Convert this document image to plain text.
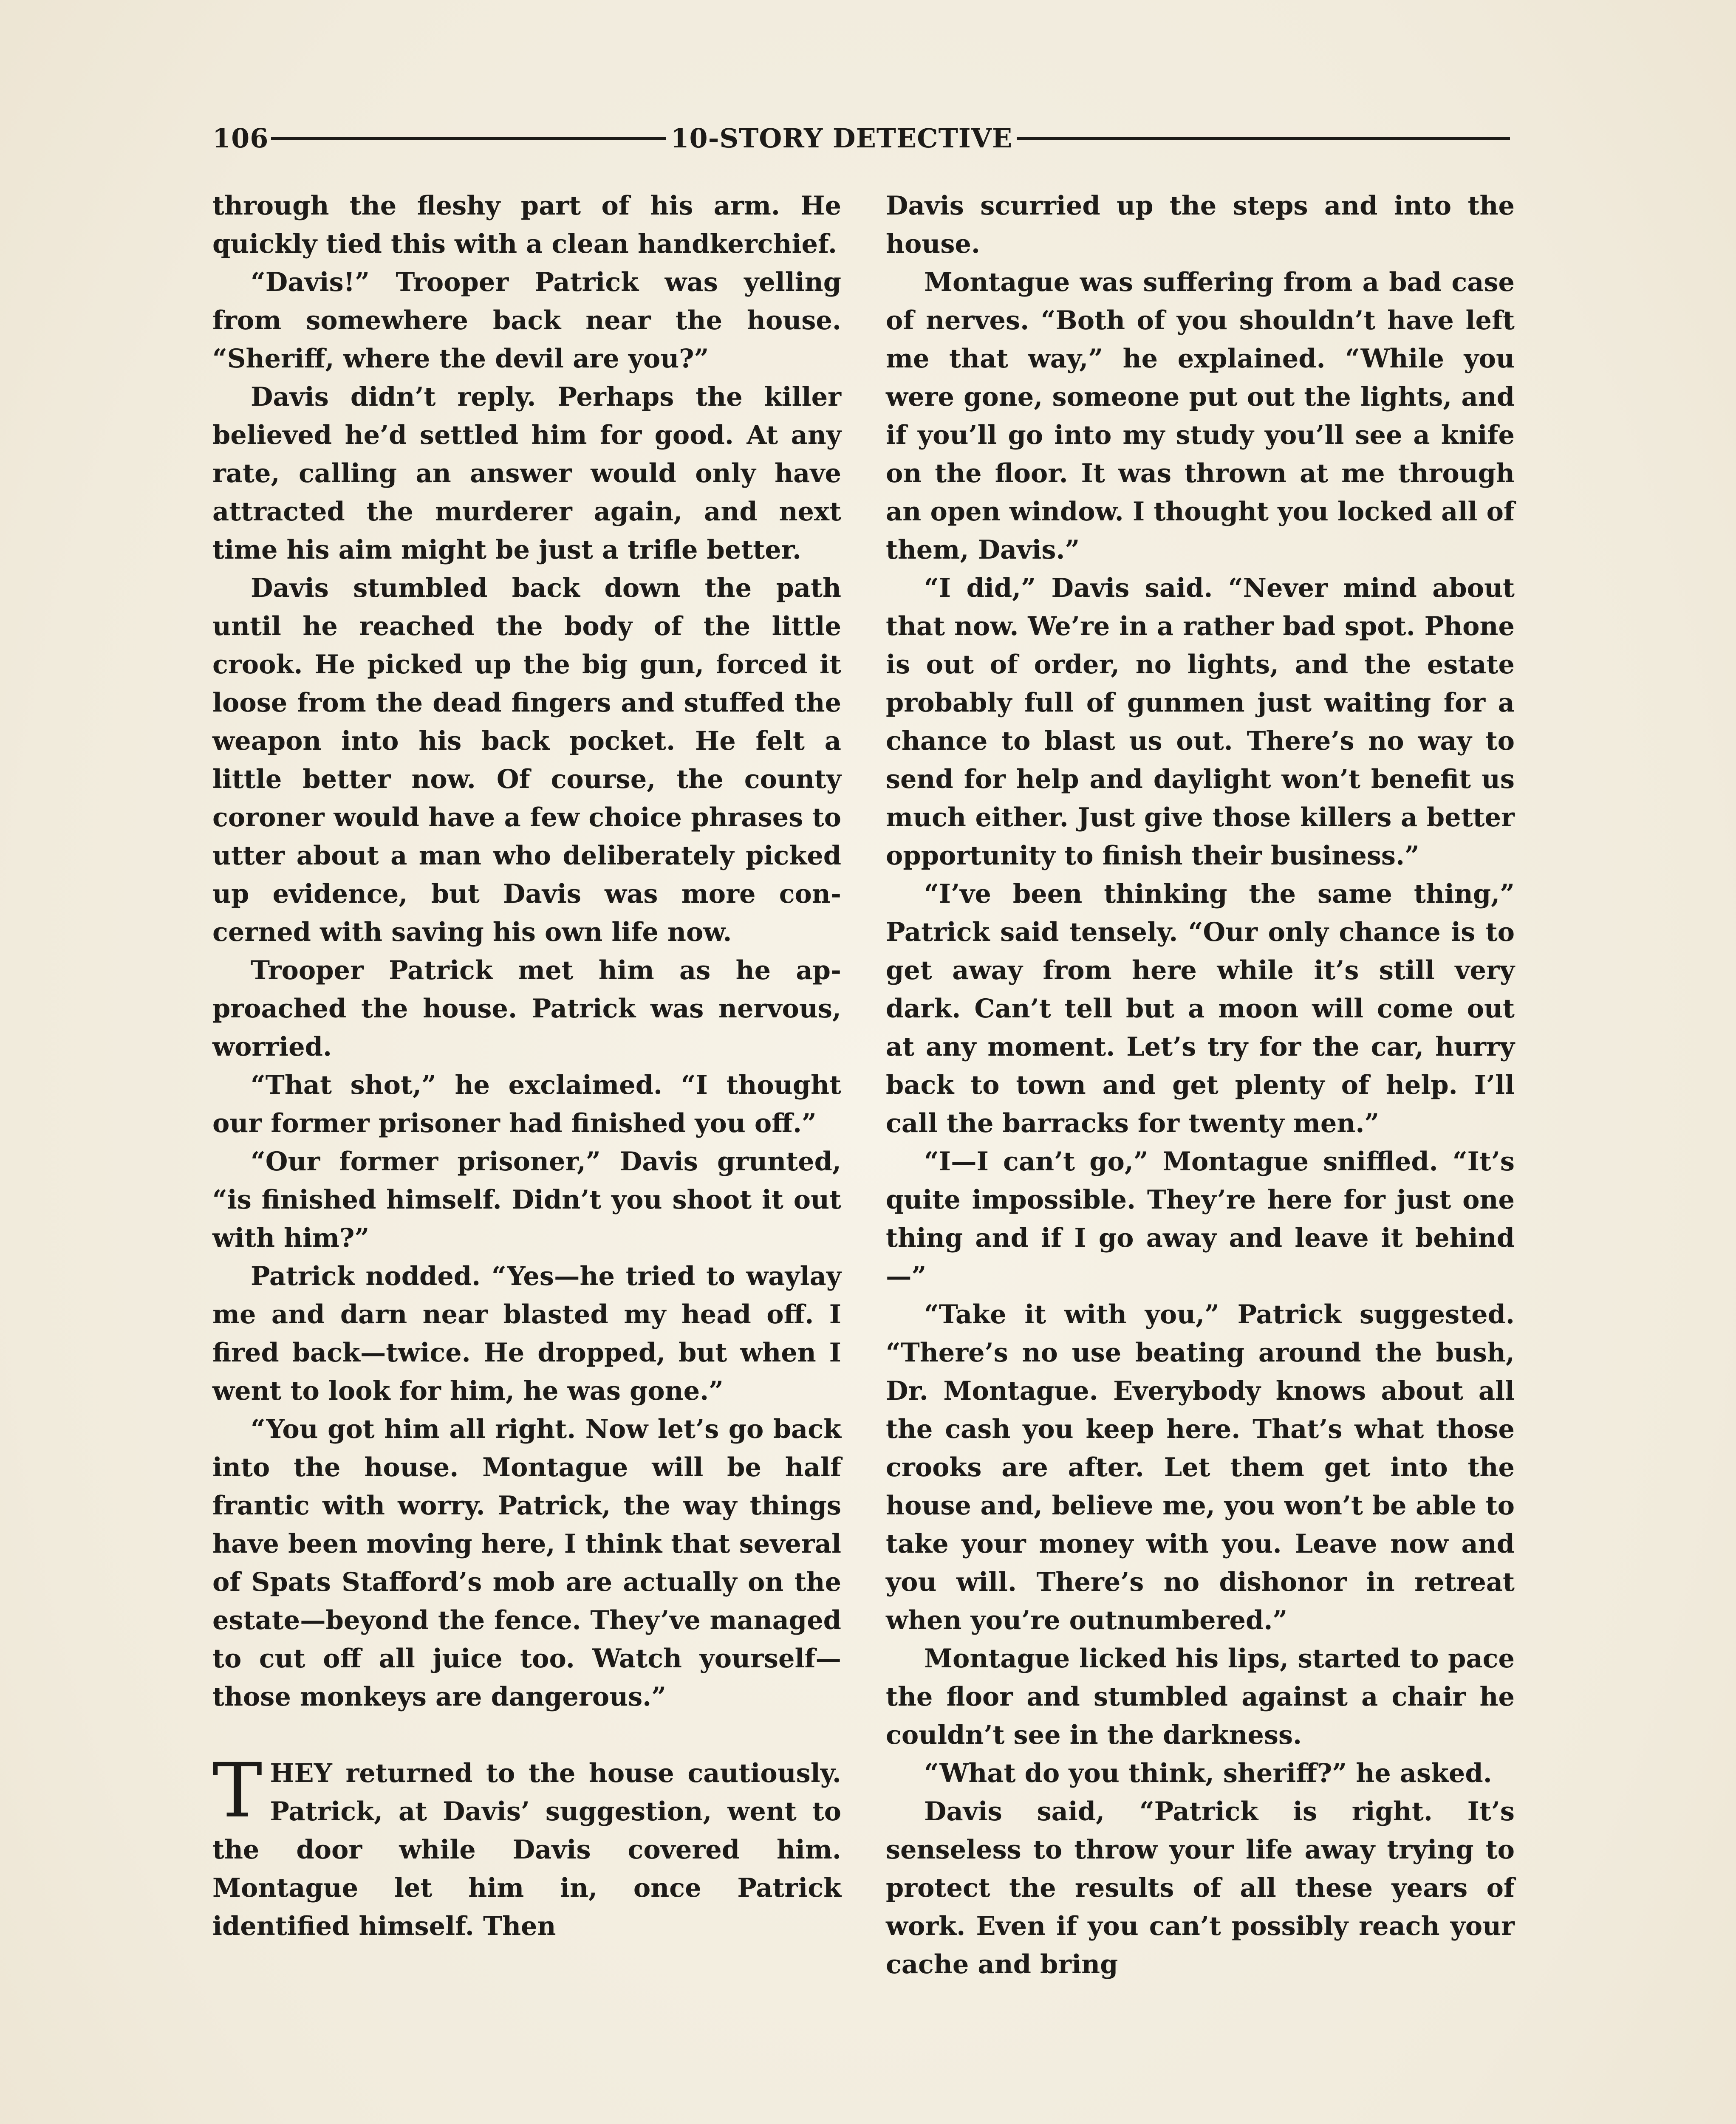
106	10-STORY DETECTIVE

through the fleshy part of his arm. He quickly tied this with a clean handkerchief.

“Davis!” Trooper Patrick was yelling from somewhere back near the house. “Sheriff, where the devil are you?”

Davis didn’t reply. Perhaps the killer believed he’d settled him for good. At any rate, calling an answer would only have attracted the murderer again, and next time his aim might be just a trifle better.

Davis stumbled back down the path until he reached the body of the little crook. He picked up the big gun, forced it loose from the dead fingers and stuffed the weapon into his back pocket. He felt a little better now. Of course, the county coroner would have a few choice phrases to utter about a man who deliberately picked up evidence, but Davis was more concerned with saving his own life now.

Trooper Patrick met him as he approached the house. Patrick was nervous, worried.

“That shot,” he exclaimed. “I thought our former prisoner had finished you off.”

“Our former prisoner,” Davis grunted, “is finished himself. Didn’t you shoot it out with him?”

Patrick nodded. “Yes—he tried to waylay me and darn near blasted my head off. I fired back—twice. He dropped, but when I went to look for him, he was gone.”

“You got him all right. Now let’s go back into the house. Montague will be half frantic with worry. Patrick, the way things have been moving here, I think that several of Spats Stafford’s mob are actually on the estate—beyond the fence. They’ve managed to cut off all juice too. Watch yourself—those monkeys are dangerous.”

THEY returned to the house cautiously. Patrick, at Davis’ suggestion, went to the door while Davis covered him. Montague let him in, once Patrick identified himself. Then

Davis scurried up the steps and into the house.

Montague was suffering from a bad case of nerves. “Both of you shouldn’t have left me that way,” he explained. “While you were gone, someone put out the lights, and if you’ll go into my study you’ll see a knife on the floor. It was thrown at me through an open window. I thought you locked all of them, Davis.”

“I did,” Davis said. “Never mind about that now. We’re in a rather bad spot. Phone is out of order, no lights, and the estate probably full of gunmen just waiting for a chance to blast us out. There’s no way to send for help and daylight won’t benefit us much either. Just give those killers a better opportunity to finish their business.”

“I’ve been thinking the same thing,” Patrick said tensely. “Our only chance is to get away from here while it’s still very dark. Can’t tell but a moon will come out at any moment. Let’s try for the car, hurry back to town and get plenty of help. I’ll call the barracks for twenty men.”

“I—I can’t go,” Montague sniffled. “It’s quite impossible. They’re here for just one thing and if I go away and leave it behind—”

“Take it with you,” Patrick suggested. “There’s no use beating around the bush, Dr. Montague. Everybody knows about all the cash you keep here. That’s what those crooks are after. Let them get into the house and, believe me, you won’t be able to take your money with you. Leave now and you will. There’s no dishonor in retreat when you’re outnumbered.”

Montague licked his lips, started to pace the floor and stumbled against a chair he couldn’t see in the darkness.

“What do you think, sheriff?” he asked.

Davis said, “Patrick is right. It’s senseless to throw your life away trying to protect the results of all these years of work. Even if you can’t possibly reach your cache and bring
